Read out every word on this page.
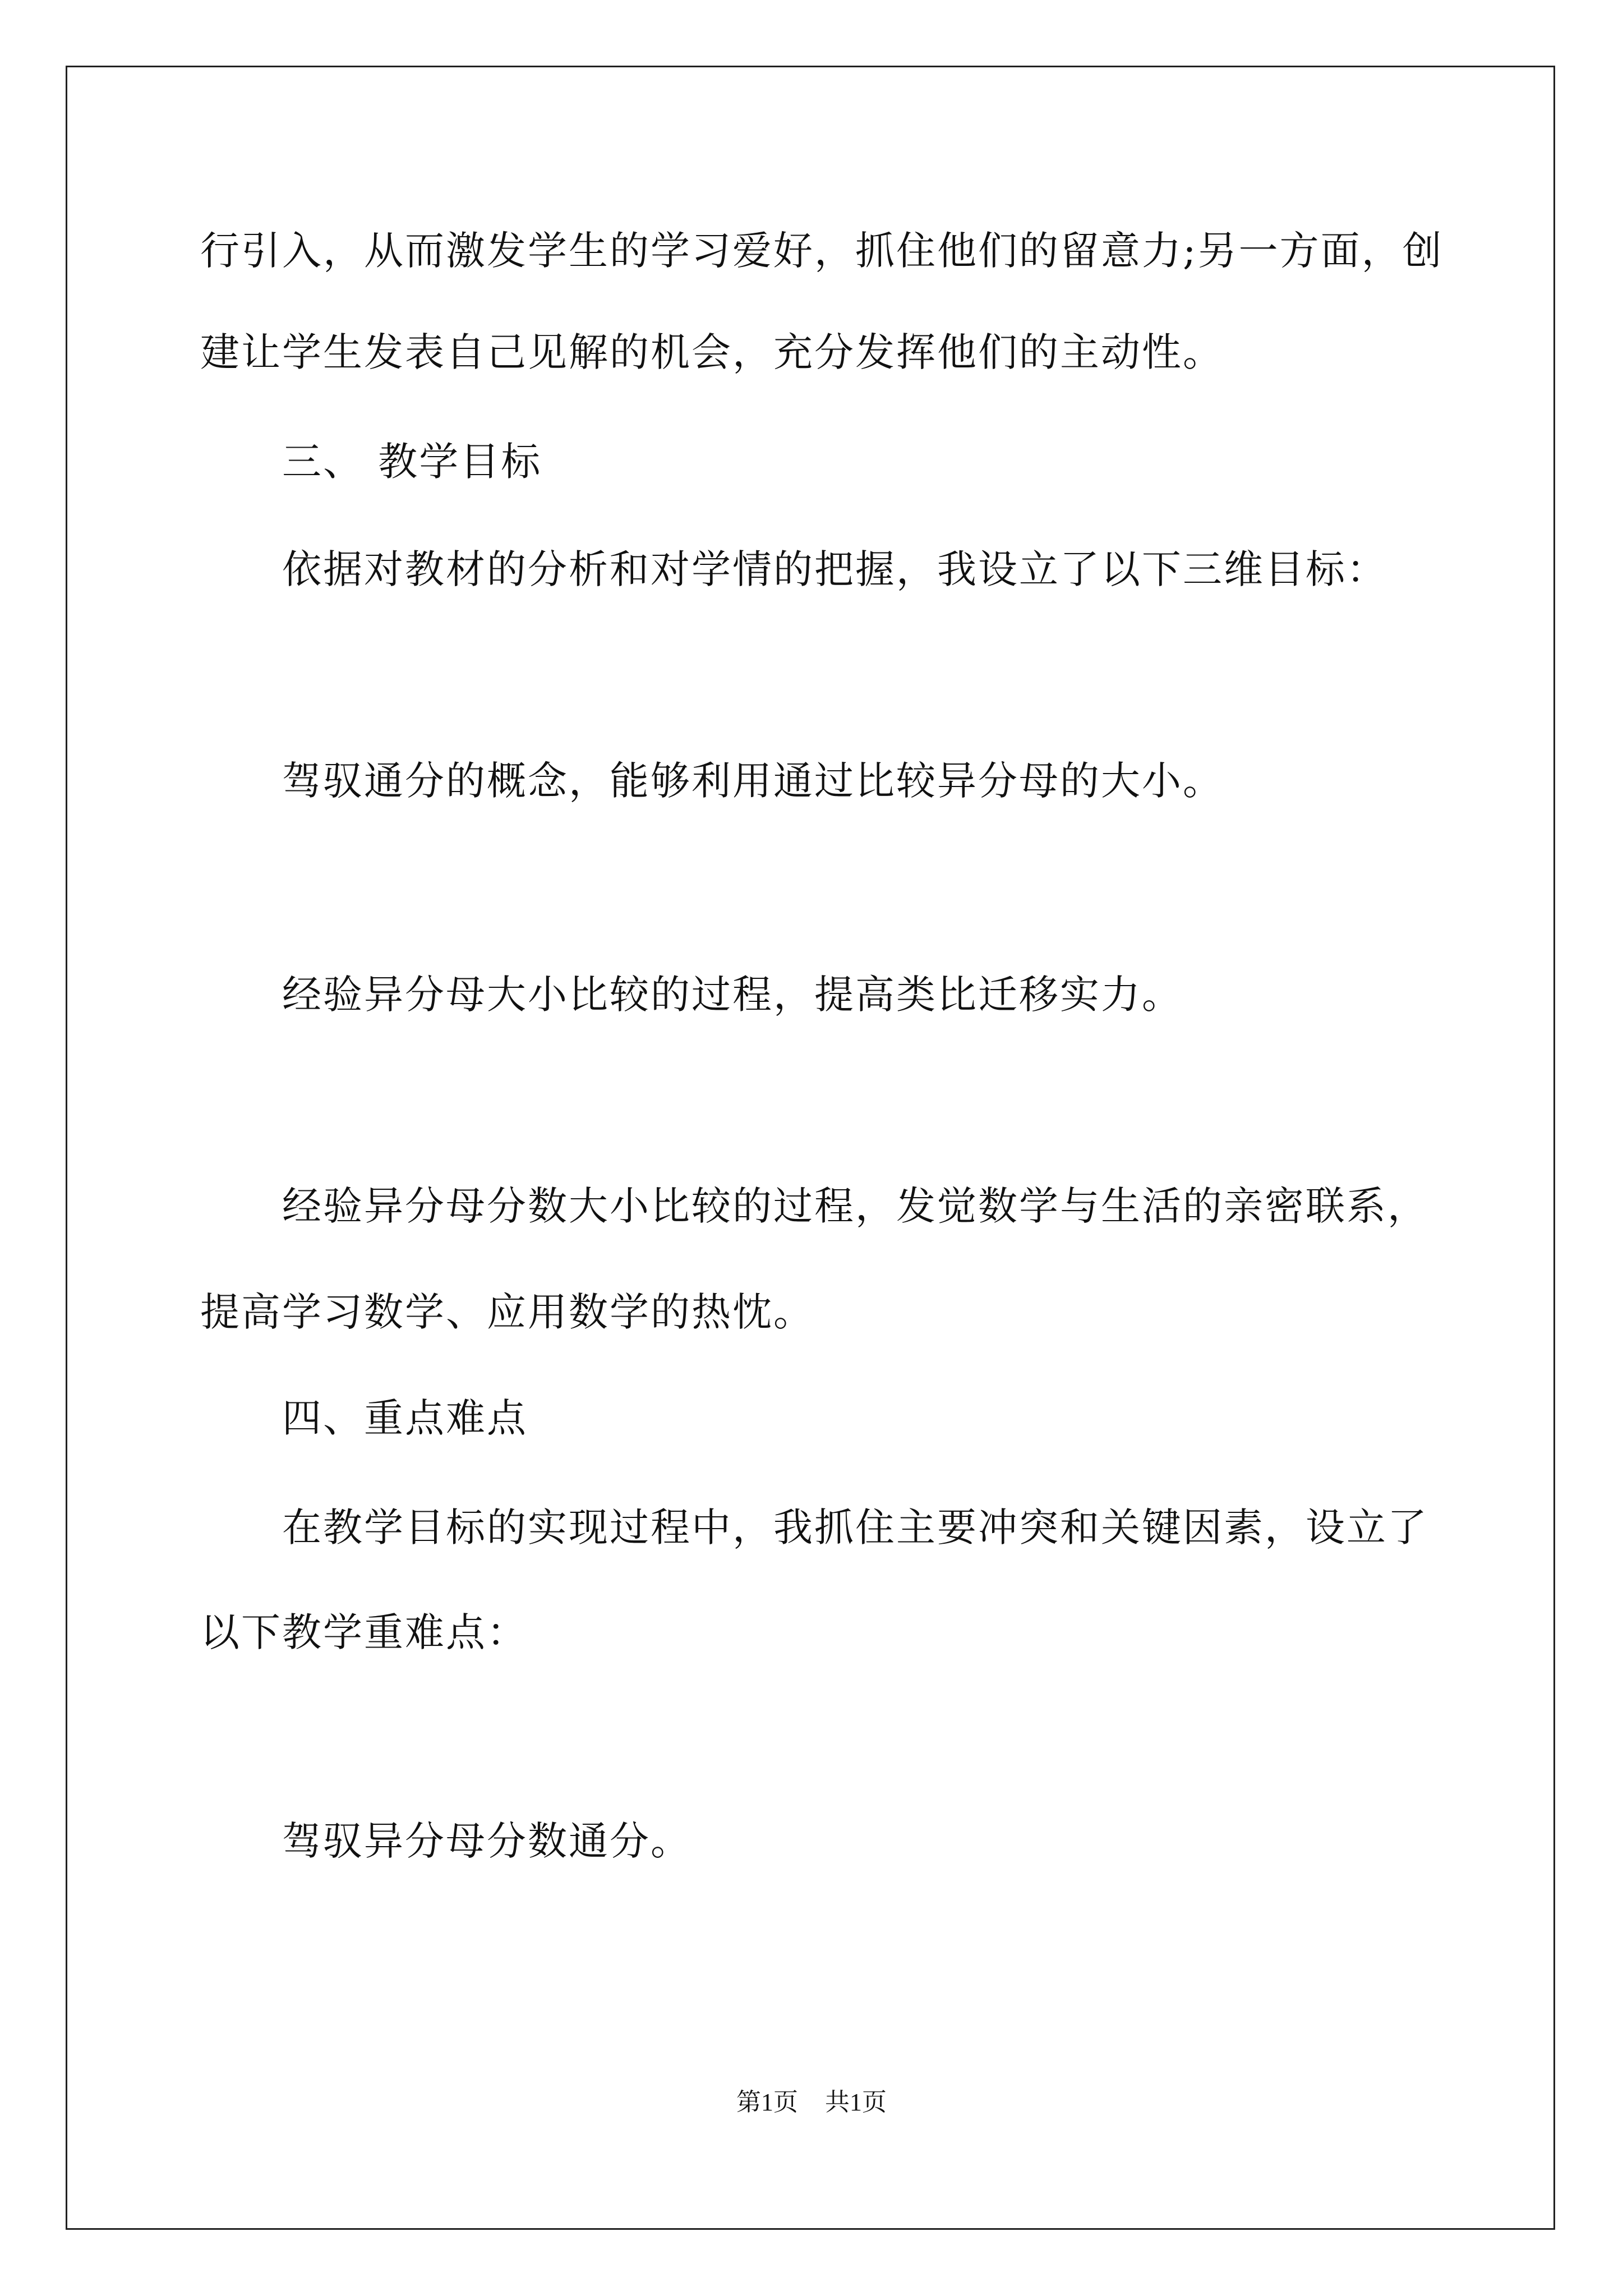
行引入，从而激发学生的学习爱好，抓住他们的留意力;另一方面，创
建让学生发表自己见解的机会，充分发挥他们的主动性。
三、 教学目标
依据对教材的分析和对学情的把握，我设立了以下三维目标：
驾驭通分的概念，能够利用通过比较异分母的大小。
经验异分母大小比较的过程，提高类比迁移实力。
经验异分母分数大小比较的过程，发觉数学与生活的亲密联系，
提高学习数学、应用数学的热忱。
四、重点难点
在教学目标的实现过程中，我抓住主要冲突和关键因素，设立了
以下教学重难点：
驾驭异分母分数通分。
第1页 共1页
